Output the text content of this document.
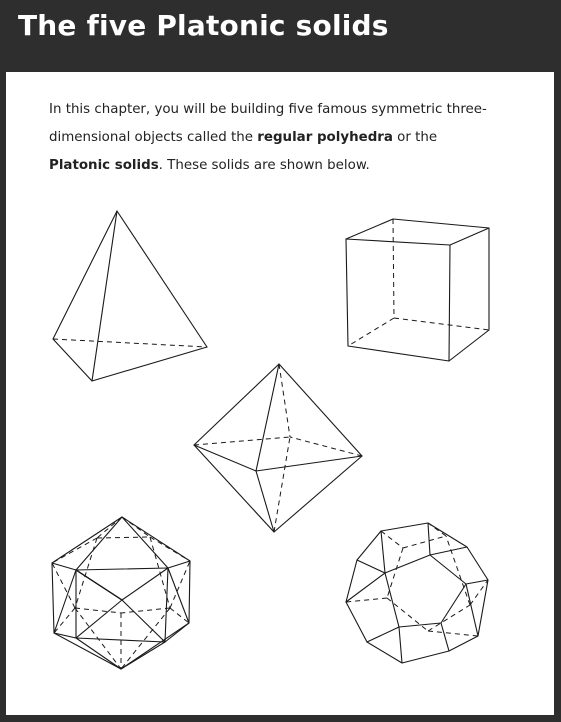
The five Platonic solids

In this chapter, you will be building five famous symmetric three-dimensional objects called the regular polyhedra or the Platonic solids. These solids are shown below.
